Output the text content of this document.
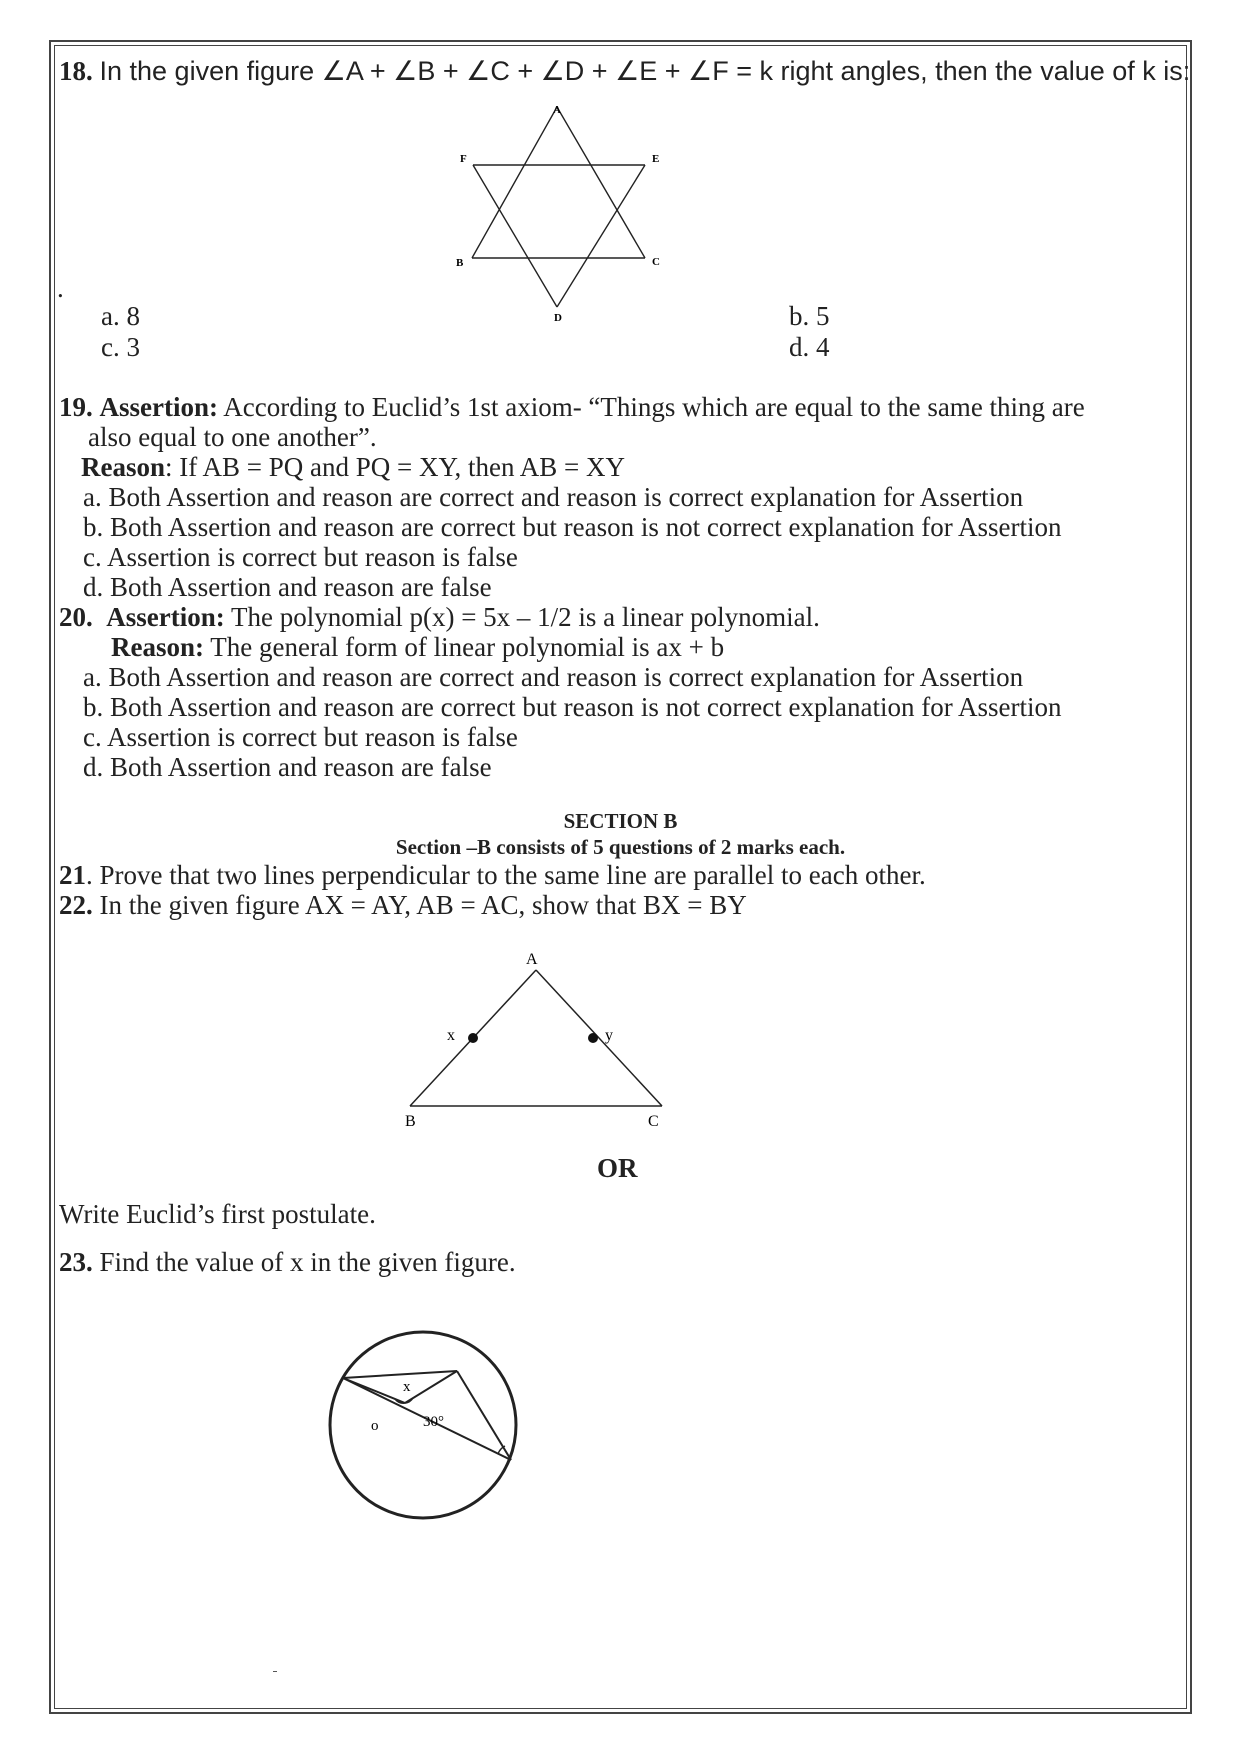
18. In the given figure ∠A + ∠B + ∠C + ∠D + ∠E + ∠F = k right angles, then the value of k is:
A
F	E
B	C
D
.
a. 8	b. 5
c. 3	d. 4
19. Assertion: According to Euclid’s 1st axiom- “Things which are equal to the same thing are
also equal to one another”.
Reason: If AB = PQ and PQ = XY, then AB = XY
a. Both Assertion and reason are correct and reason is correct explanation for Assertion
b. Both Assertion and reason are correct but reason is not correct explanation for Assertion
c. Assertion is correct but reason is false
d. Both Assertion and reason are false
20. Assertion: The polynomial p(x) = 5x – 1/2 is a linear polynomial.
Reason: The general form of linear polynomial is ax + b
a. Both Assertion and reason are correct and reason is correct explanation for Assertion
b. Both Assertion and reason are correct but reason is not correct explanation for Assertion
c. Assertion is correct but reason is false
d. Both Assertion and reason are false
SECTION B
Section –B consists of 5 questions of 2 marks each.
21. Prove that two lines perpendicular to the same line are parallel to each other.
22. In the given figure AX = AY, AB = AC, show that BX = BY
A
x	y
B	C
OR
Write Euclid’s first postulate.
23. Find the value of x in the given figure.
x
30°
o
